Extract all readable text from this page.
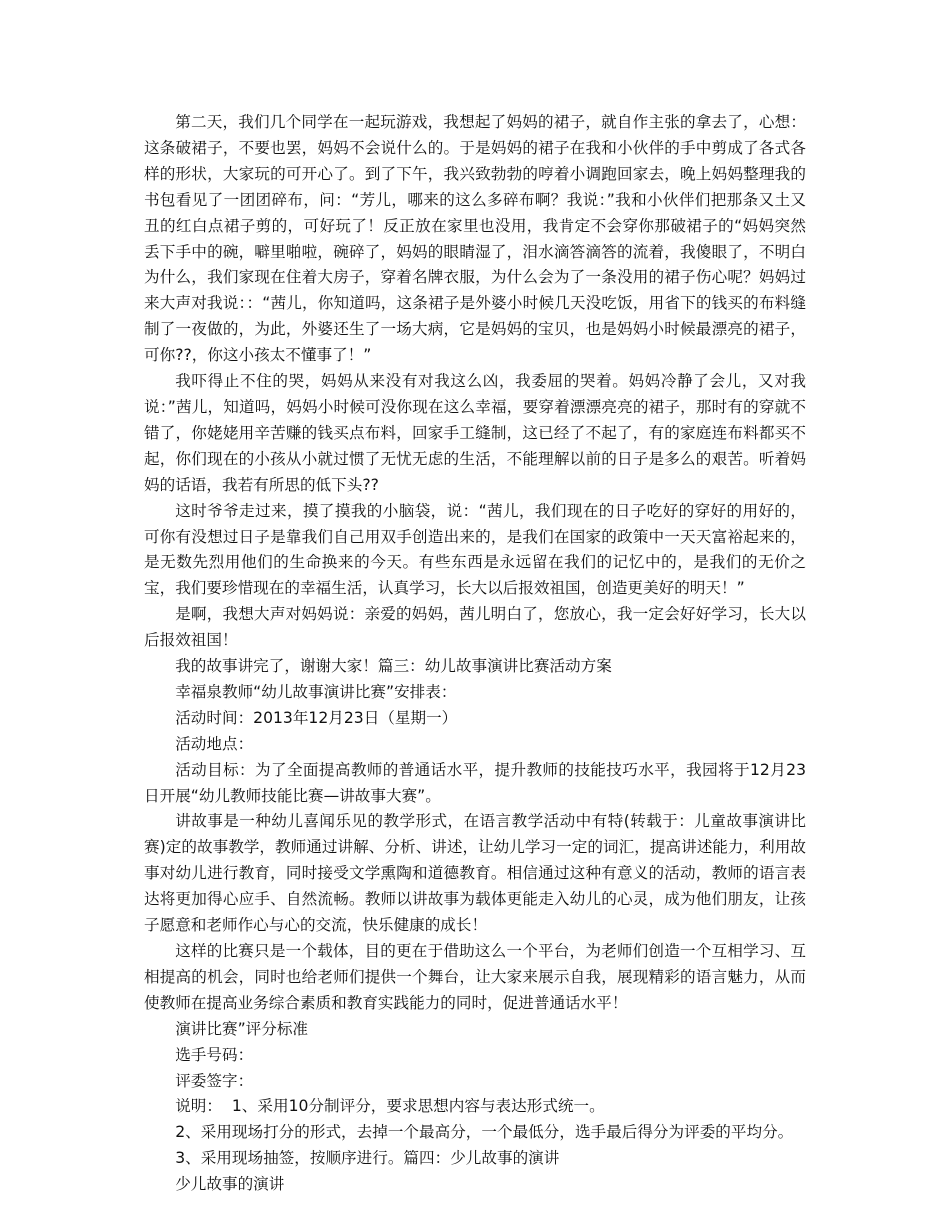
第二天，我们几个同学在一起玩游戏，我想起了妈妈的裙子，就自作主张的拿去了，心想：这条破裙子，不要也罢，妈妈不会说什么的。于是妈妈的裙子在我和小伙伴的手中剪成了各式各样的形状，大家玩的可开心了。到了下午，我兴致勃勃的哼着小调跑回家去，晚上妈妈整理我的书包看见了一团团碎布，问：“芳儿，哪来的这么多碎布啊？我说：”我和小伙伴们把那条又土又丑的红白点裙子剪的，可好玩了！反正放在家里也没用，我肯定不会穿你那破裙子的“妈妈突然丢下手中的碗，噼里啪啦，碗碎了，妈妈的眼睛湿了，泪水滴答滴答的流着，我傻眼了，不明白为什么，我们家现在住着大房子，穿着名牌衣服，为什么会为了一条没用的裙子伤心呢？妈妈过来大声对我说：：“茜儿，你知道吗，这条裙子是外婆小时候几天没吃饭，用省下的钱买的布料缝制了一夜做的，为此，外婆还生了一场大病，它是妈妈的宝贝，也是妈妈小时候最漂亮的裙子，可你??，你这小孩太不懂事了！”

我吓得止不住的哭，妈妈从来没有对我这么凶，我委屈的哭着。妈妈冷静了会儿，又对我说：”茜儿，知道吗，妈妈小时候可没你现在这么幸福，要穿着漂漂亮亮的裙子，那时有的穿就不错了，你姥姥用辛苦赚的钱买点布料，回家手工缝制，这已经了不起了，有的家庭连布料都买不起，你们现在的小孩从小就过惯了无忧无虑的生活，不能理解以前的日子是多么的艰苦。听着妈妈的话语，我若有所思的低下头??

这时爷爷走过来，摸了摸我的小脑袋，说：“茜儿，我们现在的日子吃好的穿好的用好的，可你有没想过日子是靠我们自己用双手创造出来的，是我们在国家的政策中一天天富裕起来的，是无数先烈用他们的生命换来的今天。有些东西是永远留在我们的记忆中的，是我们的无价之宝，我们要珍惜现在的幸福生活，认真学习，长大以后报效祖国，创造更美好的明天！”

是啊，我想大声对妈妈说：亲爱的妈妈，茜儿明白了，您放心，我一定会好好学习，长大以后报效祖国！

我的故事讲完了，谢谢大家！篇三：幼儿故事演讲比赛活动方案

幸福泉教师“幼儿故事演讲比赛”安排表：

活动时间：2013年12月23日（星期一）

活动地点：

活动目标：为了全面提高教师的普通话水平，提升教师的技能技巧水平，我园将于12月23日开展“幼儿教师技能比赛—讲故事大赛”。

讲故事是一种幼儿喜闻乐见的教学形式，在语言教学活动中有特(转载于：儿童故事演讲比赛)定的故事教学，教师通过讲解、分析、讲述，让幼儿学习一定的词汇，提高讲述能力，利用故事对幼儿进行教育，同时接受文学熏陶和道德教育。相信通过这种有意义的活动，教师的语言表达将更加得心应手、自然流畅。教师以讲故事为载体更能走入幼儿的心灵，成为他们朋友，让孩子愿意和老师作心与心的交流，快乐健康的成长！

这样的比赛只是一个载体，目的更在于借助这么一个平台，为老师们创造一个互相学习、互相提高的机会，同时也给老师们提供一个舞台，让大家来展示自我，展现精彩的语言魅力，从而使教师在提高业务综合素质和教育实践能力的同时，促进普通话水平！

演讲比赛”评分标准

选手号码：

评委签字：

说明：  1、采用10分制评分，要求思想内容与表达形式统一。

2、采用现场打分的形式，去掉一个最高分，一个最低分，选手最后得分为评委的平均分。

3、采用现场抽签，按顺序进行。篇四：少儿故事的演讲

少儿故事的演讲
